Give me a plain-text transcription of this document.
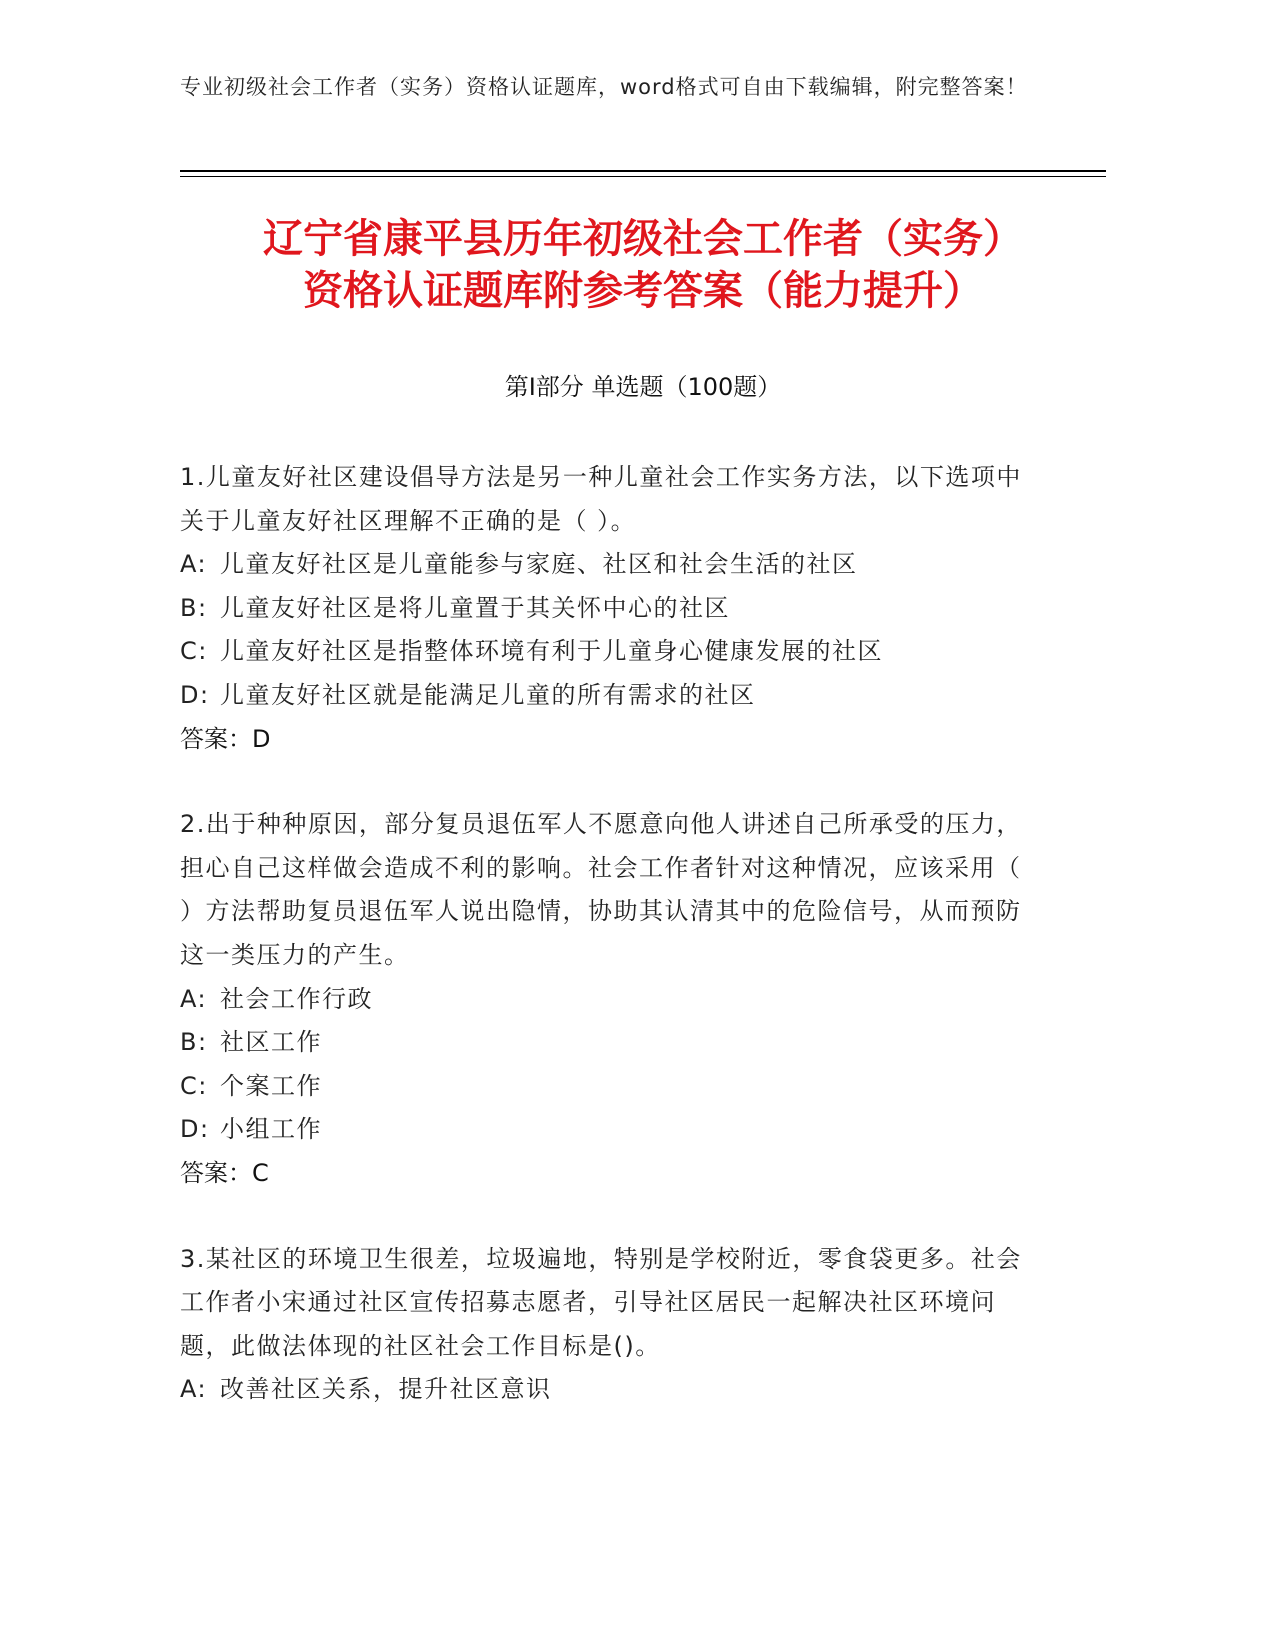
专业初级社会工作者（实务）资格认证题库，word格式可自由下载编辑，附完整答案！
辽宁省康平县历年初级社会工作者（实务）
资格认证题库附参考答案（能力提升）
第Ⅰ部分 单选题（100题）

1.儿童友好社区建设倡导方法是另一种儿童社会工作实务方法，以下选项中关于儿童友好社区理解不正确的是（ ）。

A: 儿童友好社区是儿童能参与家庭、社区和社会生活的社区

B: 儿童友好社区是将儿童置于其关怀中心的社区

C: 儿童友好社区是指整体环境有利于儿童身心健康发展的社区

D: 儿童友好社区就是能满足儿童的所有需求的社区

答案：D

2.出于种种原因，部分复员退伍军人不愿意向他人讲述自己所承受的压力，担心自己这样做会造成不利的影响。社会工作者针对这种情况，应该采用（ ）方法帮助复员退伍军人说出隐情，协助其认清其中的危险信号，从而预防这一类压力的产生。

A: 社会工作行政

B: 社区工作

C: 个案工作

D: 小组工作

答案：C

3.某社区的环境卫生很差，垃圾遍地，特别是学校附近，零食袋更多。社会工作者小宋通过社区宣传招募志愿者，引导社区居民一起解决社区环境问题，此做法体现的社区社会工作目标是()。

A: 改善社区关系，提升社区意识
